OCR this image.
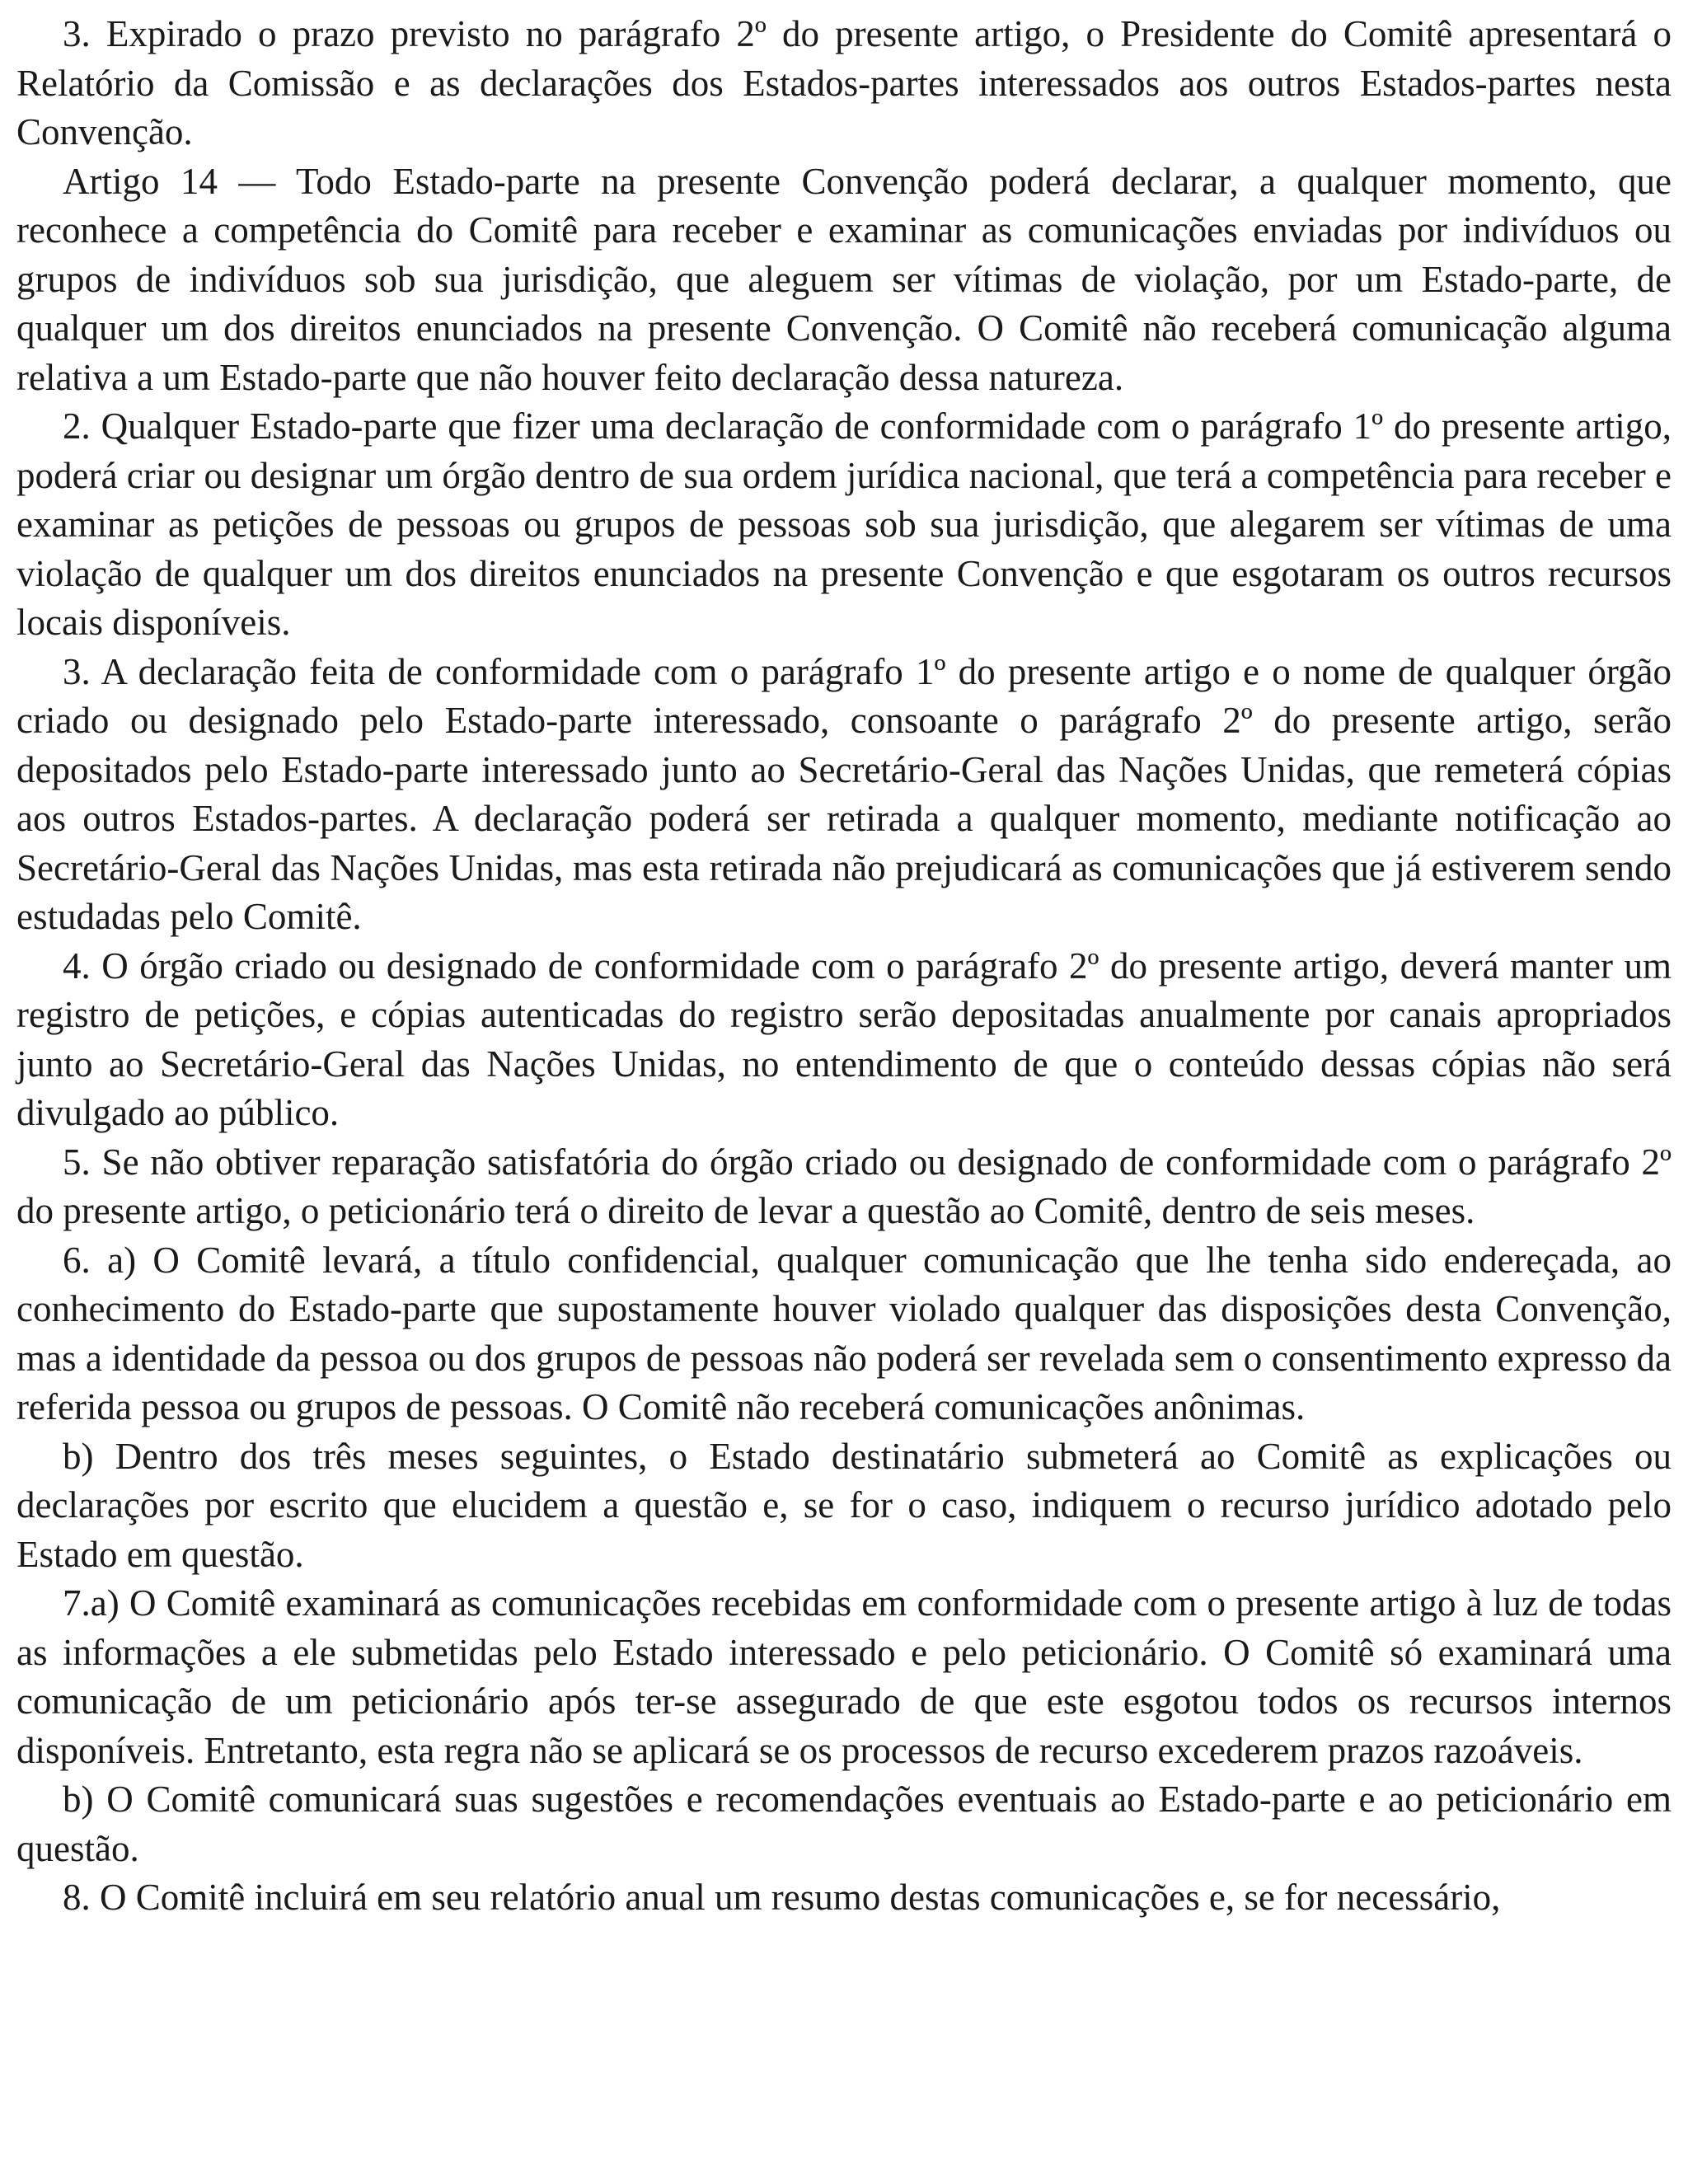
3. Expirado o prazo previsto no parágrafo 2º do presente artigo, o Presidente do Comitê apresentará o Relatório da Comissão e as declarações dos Estados-partes interessados aos outros Estados-partes nesta Convenção.

Artigo 14 — Todo Estado-parte na presente Convenção poderá declarar, a qualquer momento, que reconhece a competência do Comitê para receber e examinar as comunicações enviadas por indivíduos ou grupos de indivíduos sob sua jurisdição, que aleguem ser vítimas de violação, por um Estado-parte, de qualquer um dos direitos enunciados na presente Convenção. O Comitê não receberá comunicação alguma relativa a um Estado-parte que não houver feito declaração dessa natureza.

2. Qualquer Estado-parte que fizer uma declaração de conformidade com o parágrafo 1º do presente artigo, poderá criar ou designar um órgão dentro de sua ordem jurídica nacional, que terá a competência para receber e examinar as petições de pessoas ou grupos de pessoas sob sua jurisdição, que alegarem ser vítimas de uma violação de qualquer um dos direitos enunciados na presente Convenção e que esgotaram os outros recursos locais disponíveis.

3. A declaração feita de conformidade com o parágrafo 1º do presente artigo e o nome de qualquer órgão criado ou designado pelo Estado-parte interessado, consoante o parágrafo 2º do presente artigo, serão depositados pelo Estado-parte interessado junto ao Secretário-Geral das Nações Unidas, que remeterá cópias aos outros Estados-partes. A declaração poderá ser retirada a qualquer momento, mediante notificação ao Secretário-Geral das Nações Unidas, mas esta retirada não prejudicará as comunicações que já estiverem sendo estudadas pelo Comitê.

4. O órgão criado ou designado de conformidade com o parágrafo 2º do presente artigo, deverá manter um registro de petições, e cópias autenticadas do registro serão depositadas anualmente por canais apropriados junto ao Secretário-Geral das Nações Unidas, no entendimento de que o conteúdo dessas cópias não será divulgado ao público.

5. Se não obtiver reparação satisfatória do órgão criado ou designado de conformidade com o parágrafo 2º do presente artigo, o peticionário terá o direito de levar a questão ao Comitê, dentro de seis meses.

6. a) O Comitê levará, a título confidencial, qualquer comunicação que lhe tenha sido endereçada, ao conhecimento do Estado-parte que supostamente houver violado qualquer das disposições desta Convenção, mas a identidade da pessoa ou dos grupos de pessoas não poderá ser revelada sem o consentimento expresso da referida pessoa ou grupos de pessoas. O Comitê não receberá comunicações anônimas.

b) Dentro dos três meses seguintes, o Estado destinatário submeterá ao Comitê as explicações ou declarações por escrito que elucidem a questão e, se for o caso, indiquem o recurso jurídico adotado pelo Estado em questão.

7.a) O Comitê examinará as comunicações recebidas em conformidade com o presente artigo à luz de todas as informações a ele submetidas pelo Estado interessado e pelo peticionário. O Comitê só examinará uma comunicação de um peticionário após ter-se assegurado de que este esgotou todos os recursos internos disponíveis. Entretanto, esta regra não se aplicará se os processos de recurso excederem prazos razoáveis.

b) O Comitê comunicará suas sugestões e recomendações eventuais ao Estado-parte e ao peticionário em questão.

8. O Comitê incluirá em seu relatório anual um resumo destas comunicações e, se for necessário,
